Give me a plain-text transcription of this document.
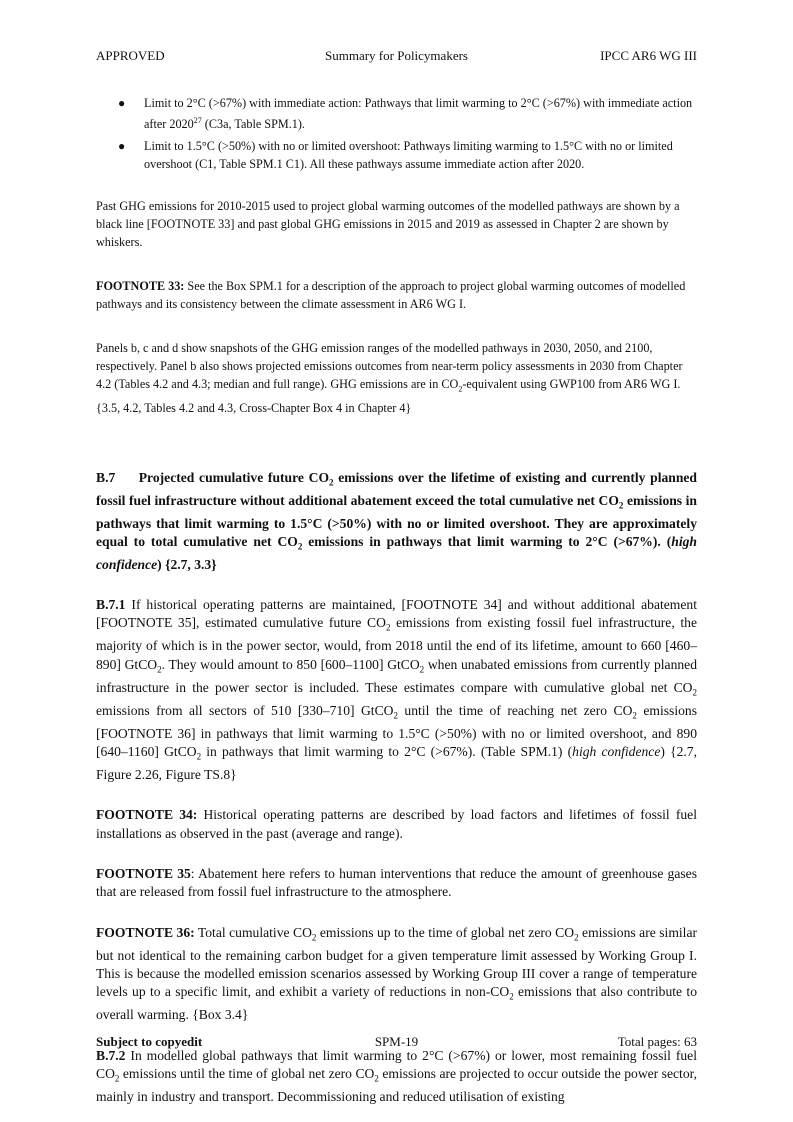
APPROVED	Summary for Policymakers	IPCC AR6 WG III
● Limit to 2°C (>67%) with immediate action: Pathways that limit warming to 2°C (>67%) with immediate action after 2020$^{27}$ (C3a, Table SPM.1).
● Limit to 1.5°C (>50%) with no or limited overshoot: Pathways limiting warming to 1.5°C with no or limited overshoot (C1, Table SPM.1 C1). All these pathways assume immediate action after 2020.

Past GHG emissions for 2010-2015 used to project global warming outcomes of the modelled pathways are shown by a black line [FOOTNOTE 33] and past global GHG emissions in 2015 and 2019 as assessed in Chapter 2 are shown by whiskers.

FOOTNOTE 33: See the Box SPM.1 for a description of the approach to project global warming outcomes of modelled pathways and its consistency between the climate assessment in AR6 WG I.

Panels b, c and d show snapshots of the GHG emission ranges of the modelled pathways in 2030, 2050, and 2100, respectively. Panel b also shows projected emissions outcomes from near-term policy assessments in 2030 from Chapter 4.2 (Tables 4.2 and 4.3; median and full range). GHG emissions are in $CO_2$-equivalent using GWP100 from AR6 WG I. {3.5, 4.2, Tables 4.2 and 4.3, Cross-Chapter Box 4 in Chapter 4}

B.7 Projected cumulative future $CO_2$ emissions over the lifetime of existing and currently planned fossil fuel infrastructure without additional abatement exceed the total cumulative net $CO_2$ emissions in pathways that limit warming to 1.5°C (>50%) with no or limited overshoot. They are approximately equal to total cumulative net $CO_2$ emissions in pathways that limit warming to 2°C (>67%). (high confidence) {2.7, 3.3}

B.7.1 If historical operating patterns are maintained, [FOOTNOTE 34] and without additional abatement [FOOTNOTE 35], estimated cumulative future $CO_2$ emissions from existing fossil fuel infrastructure, the majority of which is in the power sector, would, from 2018 until the end of its lifetime, amount to 660 [460–890] GtCO$_2$. They would amount to 850 [600–1100] GtCO$_2$ when unabated emissions from currently planned infrastructure in the power sector is included. These estimates compare with cumulative global net $CO_2$ emissions from all sectors of 510 [330–710] GtCO$_2$ until the time of reaching net zero $CO_2$ emissions [FOOTNOTE 36] in pathways that limit warming to 1.5°C (>50%) with no or limited overshoot, and 890 [640–1160] GtCO$_2$ in pathways that limit warming to 2°C (>67%). (Table SPM.1) (high confidence) {2.7, Figure 2.26, Figure TS.8}

FOOTNOTE 34: Historical operating patterns are described by load factors and lifetimes of fossil fuel installations as observed in the past (average and range).

FOOTNOTE 35: Abatement here refers to human interventions that reduce the amount of greenhouse gases that are released from fossil fuel infrastructure to the atmosphere.

FOOTNOTE 36: Total cumulative $CO_2$ emissions up to the time of global net zero $CO_2$ emissions are similar but not identical to the remaining carbon budget for a given temperature limit assessed by Working Group I. This is because the modelled emission scenarios assessed by Working Group III cover a range of temperature levels up to a specific limit, and exhibit a variety of reductions in non-$CO_2$ emissions that also contribute to overall warming. {Box 3.4}

B.7.2 In modelled global pathways that limit warming to 2°C (>67%) or lower, most remaining fossil fuel $CO_2$ emissions until the time of global net zero $CO_2$ emissions are projected to occur outside the power sector, mainly in industry and transport. Decommissioning and reduced utilisation of existing

Subject to copyedit	SPM-19	Total pages: 63
